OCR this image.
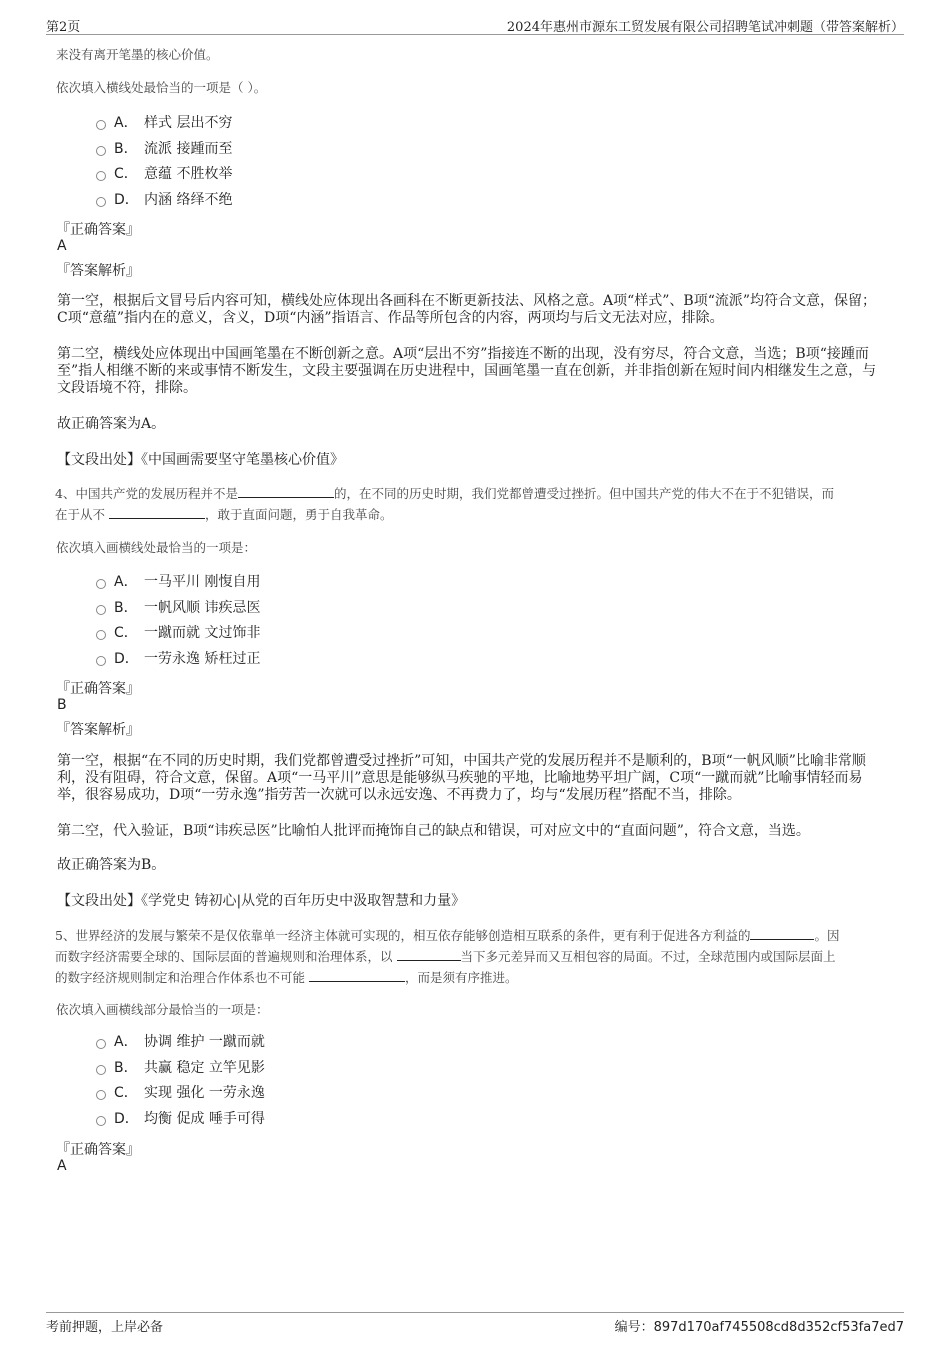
第2页	2024年惠州市源东工贸发展有限公司招聘笔试冲刺题（带答案解析）
来没有离开笔墨的核心价值。
依次填入横线处最恰当的一项是（ ）。
A． 样式 层出不穷
B． 流派 接踵而至
C． 意蕴 不胜枚举
D． 内涵 络绎不绝
『正确答案』
A
『答案解析』
第一空，根据后文冒号后内容可知，横线处应体现出各画科在不断更新技法、风格之意。A项“样式”、B项“流派”均符合文意，保留；C项“意蕴”指内在的意义，含义，D项“内涵”指语言、作品等所包含的内容，两项均与后文无法对应，排除。
第二空，横线处应体现出中国画笔墨在不断创新之意。A项“层出不穷”指接连不断的出现，没有穷尽，符合文意，当选；B项“接踵而至”指人相继不断的来或事情不断发生，文段主要强调在历史进程中，国画笔墨一直在创新，并非指创新在短时间内相继发生之意，与文段语境不符，排除。
故正确答案为A。
【文段出处】《中国画需要坚守笔墨核心价值》
4、中国共产党的发展历程并不是	的，在不同的历史时期，我们党都曾遭受过挫折。但中国共产党的伟大不在于不犯错误，而
在于从不	，敢于直面问题，勇于自我革命。
依次填入画横线处最恰当的一项是：
A． 一马平川 刚愎自用
B． 一帆风顺 讳疾忌医
C． 一蹴而就 文过饰非
D． 一劳永逸 矫枉过正
『正确答案』
B
『答案解析』
第一空，根据“在不同的历史时期，我们党都曾遭受过挫折”可知，中国共产党的发展历程并不是顺利的，B项“一帆风顺”比喻非常顺利，没有阻碍，符合文意，保留。A项“一马平川”意思是能够纵马疾驰的平地，比喻地势平坦广阔，C项“一蹴而就”比喻事情轻而易举，很容易成功，D项“一劳永逸”指劳苦一次就可以永远安逸、不再费力了，均与“发展历程”搭配不当，排除。
第二空，代入验证，B项“讳疾忌医”比喻怕人批评而掩饰自己的缺点和错误，可对应文中的“直面问题”，符合文意，当选。
故正确答案为B。
【文段出处】《学党史 铸初心|从党的百年历史中汲取智慧和力量》
5、世界经济的发展与繁荣不是仅依靠单一经济主体就可实现的，相互依存能够创造相互联系的条件，更有利于促进各方利益的	。因
而数字经济需要全球的、国际层面的普遍规则和治理体系，以	当下多元差异而又互相包容的局面。不过，全球范围内或国际层面上
的数字经济规则制定和治理合作体系也不可能	，而是须有序推进。
依次填入画横线部分最恰当的一项是：
A． 协调 维护 一蹴而就
B． 共赢 稳定 立竿见影
C． 实现 强化 一劳永逸
D． 均衡 促成 唾手可得
『正确答案』
A
考前押题，上岸必备	编号：897d170af745508cd8d352cf53fa7ed7
